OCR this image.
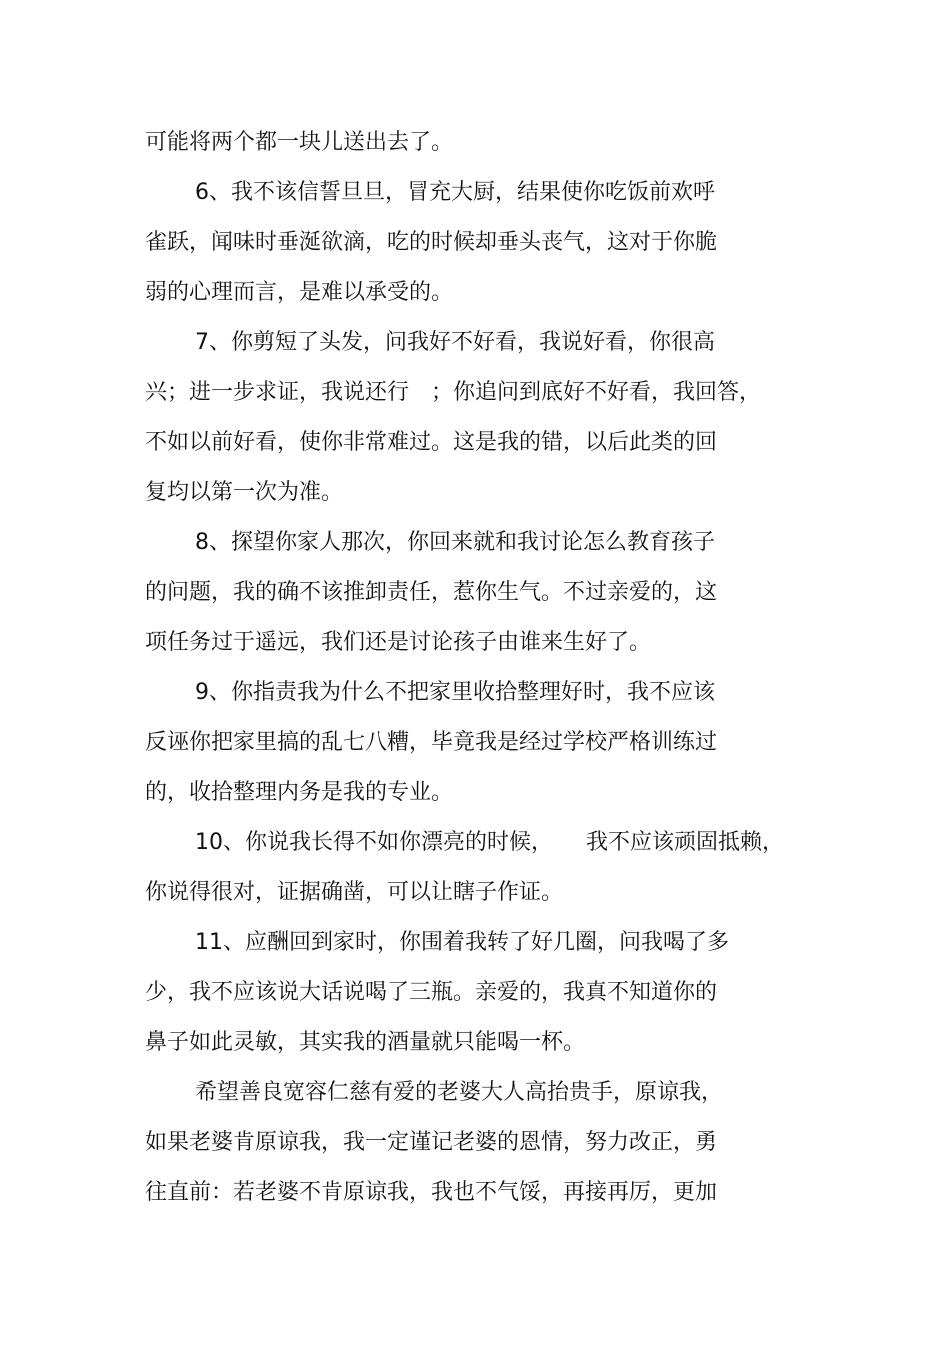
可能将两个都一块儿送出去了。
6、我不该信誓旦旦，冒充大厨，结果使你吃饭前欢呼
雀跃，闻味时垂涎欲滴，吃的时候却垂头丧气，这对于你脆
弱的心理而言，是难以承受的。
7、你剪短了头发，问我好不好看，我说好看，你很高
兴；进一步求证，我说还行　；你追问到底好不好看，我回答，
不如以前好看，使你非常难过。这是我的错，以后此类的回
复均以第一次为准。
8、探望你家人那次，你回来就和我讨论怎么教育孩子
的问题，我的确不该推卸责任，惹你生气。不过亲爱的，这
项任务过于遥远，我们还是讨论孩子由谁来生好了。
9、你指责我为什么不把家里收拾整理好时，我不应该
反诬你把家里搞的乱七八糟，毕竟我是经过学校严格训练过
的，收拾整理内务是我的专业。
10、你说我长得不如你漂亮的时候，　　我不应该顽固抵赖，
你说得很对，证据确凿，可以让瞎子作证。
11、应酬回到家时，你围着我转了好几圈，问我喝了多
少，我不应该说大话说喝了三瓶。亲爱的，我真不知道你的
鼻子如此灵敏，其实我的酒量就只能喝一杯。
希望善良宽容仁慈有爱的老婆大人高抬贵手，原谅我，
如果老婆肯原谅我，我一定谨记老婆的恩情，努力改正，勇
往直前：若老婆不肯原谅我，我也不气馁，再接再厉，更加
